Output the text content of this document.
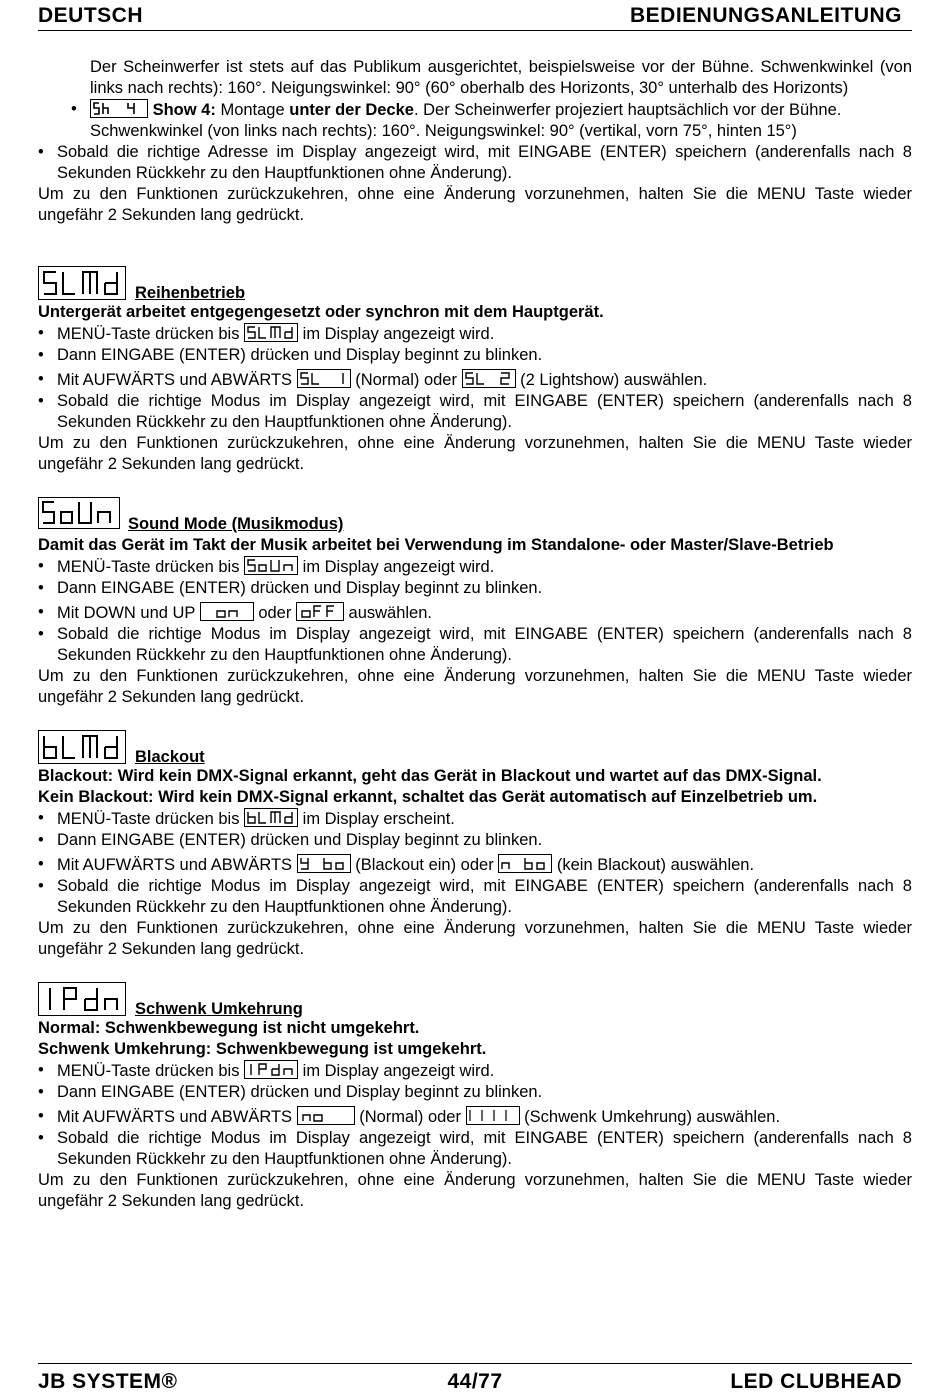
DEUTSCH	BEDIENUNGSANLEITUNG

Der Scheinwerfer ist stets auf das Publikum ausgerichtet, beispielsweise vor der Bühne. Schwenkwinkel (von links nach rechts): 160°. Neigungswinkel: 90° (60° oberhalb des Horizonts, 30° unterhalb des Horizonts)

• Show 4: Montage unter der Decke. Der Scheinwerfer projeziert hauptsächlich vor der Bühne. Schwenkwinkel (von links nach rechts): 160°. Neigungswinkel: 90° (vertikal, vorn 75°, hinten 15°)
• Sobald die richtige Adresse im Display angezeigt wird, mit EINGABE (ENTER) speichern (anderenfalls nach 8 Sekunden Rückkehr zu den Hauptfunktionen ohne Änderung).

Um zu den Funktionen zurückzukehren, ohne eine Änderung vorzunehmen, halten Sie die MENU Taste wieder ungefähr 2 Sekunden lang gedrückt.

Reihenbetrieb

Untergerät arbeitet entgegengesetzt oder synchron mit dem Hauptgerät.

• MENÜ-Taste drücken bis	im Display angezeigt wird.
• Dann EINGABE (ENTER) drücken und Display beginnt zu blinken.
• Mit AUFWÄRTS und ABWÄRTS	(Normal) oder	(2 Lightshow) auswählen.
• Sobald die richtige Modus im Display angezeigt wird, mit EINGABE (ENTER) speichern (anderenfalls nach 8 Sekunden Rückkehr zu den Hauptfunktionen ohne Änderung).

Um zu den Funktionen zurückzukehren, ohne eine Änderung vorzunehmen, halten Sie die MENU Taste wieder ungefähr 2 Sekunden lang gedrückt.

Sound Mode (Musikmodus)

Damit das Gerät im Takt der Musik arbeitet bei Verwendung im Standalone- oder Master/Slave-Betrieb

• MENÜ-Taste drücken bis	im Display angezeigt wird.
• Dann EINGABE (ENTER) drücken und Display beginnt zu blinken.
• Mit DOWN und UP	oder	auswählen.
• Sobald die richtige Modus im Display angezeigt wird, mit EINGABE (ENTER) speichern (anderenfalls nach 8 Sekunden Rückkehr zu den Hauptfunktionen ohne Änderung).

Um zu den Funktionen zurückzukehren, ohne eine Änderung vorzunehmen, halten Sie die MENU Taste wieder ungefähr 2 Sekunden lang gedrückt.

Blackout

Blackout: Wird kein DMX-Signal erkannt, geht das Gerät in Blackout und wartet auf das DMX-Signal.

Kein Blackout: Wird kein DMX-Signal erkannt, schaltet das Gerät automatisch auf Einzelbetrieb um.

• MENÜ-Taste drücken bis	im Display erscheint.
• Dann EINGABE (ENTER) drücken und Display beginnt zu blinken.
• Mit AUFWÄRTS und ABWÄRTS	(Blackout ein) oder	(kein Blackout) auswählen.
• Sobald die richtige Modus im Display angezeigt wird, mit EINGABE (ENTER) speichern (anderenfalls nach 8 Sekunden Rückkehr zu den Hauptfunktionen ohne Änderung).

Um zu den Funktionen zurückzukehren, ohne eine Änderung vorzunehmen, halten Sie die MENU Taste wieder ungefähr 2 Sekunden lang gedrückt.

Schwenk Umkehrung

Normal: Schwenkbewegung ist nicht umgekehrt.

Schwenk Umkehrung: Schwenkbewegung ist umgekehrt.

• MENÜ-Taste drücken bis	im Display angezeigt wird.
• Dann EINGABE (ENTER) drücken und Display beginnt zu blinken.
• Mit AUFWÄRTS und ABWÄRTS	(Normal) oder	(Schwenk Umkehrung) auswählen.
• Sobald die richtige Modus im Display angezeigt wird, mit EINGABE (ENTER) speichern (anderenfalls nach 8 Sekunden Rückkehr zu den Hauptfunktionen ohne Änderung).

Um zu den Funktionen zurückzukehren, ohne eine Änderung vorzunehmen, halten Sie die MENU Taste wieder ungefähr 2 Sekunden lang gedrückt.

JB SYSTEM®	44/77	LED CLUBHEAD
